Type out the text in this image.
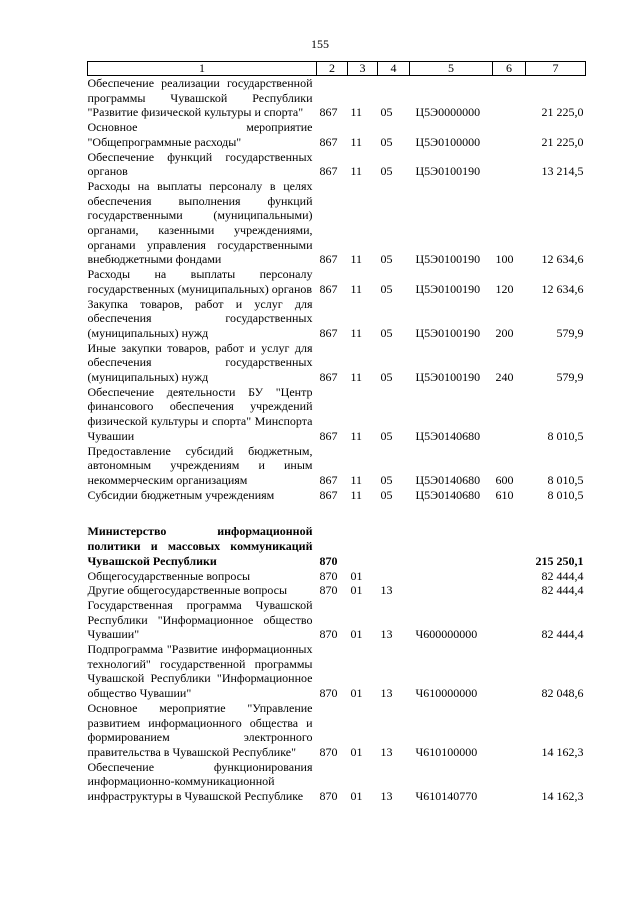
155
1	2	3	4	5	6	7
Обеспечение реализации государственной программы Чувашской Республики "Развитие физической культуры и спорта"	867	11	05	Ц5Э0000000		21 225,0
Основное мероприятие "Общепрограммные расходы"	867	11	05	Ц5Э0100000		21 225,0
Обеспечение функций государственных органов	867	11	05	Ц5Э0100190		13 214,5
Расходы на выплаты персоналу в целях обеспечения выполнения функций государственными (муниципальными) органами, казенными учреждениями, органами управления государственными внебюджетными фондами	867	11	05	Ц5Э0100190	100	12 634,6
Расходы на выплаты персоналу государственных (муниципальных) органов	867	11	05	Ц5Э0100190	120	12 634,6
Закупка товаров, работ и услуг для обеспечения государственных (муниципальных) нужд	867	11	05	Ц5Э0100190	200	579,9
Иные закупки товаров, работ и услуг для обеспечения государственных (муниципальных) нужд	867	11	05	Ц5Э0100190	240	579,9
Обеспечение деятельности БУ "Центр финансового обеспечения учреждений физической культуры и спорта" Минспорта Чувашии	867	11	05	Ц5Э0140680		8 010,5
Предоставление субсидий бюджетным, автономным учреждениям и иным некоммерческим организациям	867	11	05	Ц5Э0140680	600	8 010,5
Субсидии бюджетным учреждениям	867	11	05	Ц5Э0140680	610	8 010,5

Министерство информационной политики и массовых коммуникаций Чувашской Республики	870					215 250,1
Общегосударственные вопросы	870	01				82 444,4
Другие общегосударственные вопросы	870	01	13			82 444,4
Государственная программа Чувашской Республики "Информационное общество Чувашии"	870	01	13	Ч600000000		82 444,4
Подпрограмма "Развитие информационных технологий" государственной программы Чувашской Республики "Информационное общество Чувашии"	870	01	13	Ч610000000		82 048,6
Основное мероприятие "Управление развитием информационного общества и формированием электронного правительства в Чувашской Республике"	870	01	13	Ч610100000		14 162,3
Обеспечение функционирования информационно-коммуникационной инфраструктуры в Чувашской Республике	870	01	13	Ч610140770		14 162,3
